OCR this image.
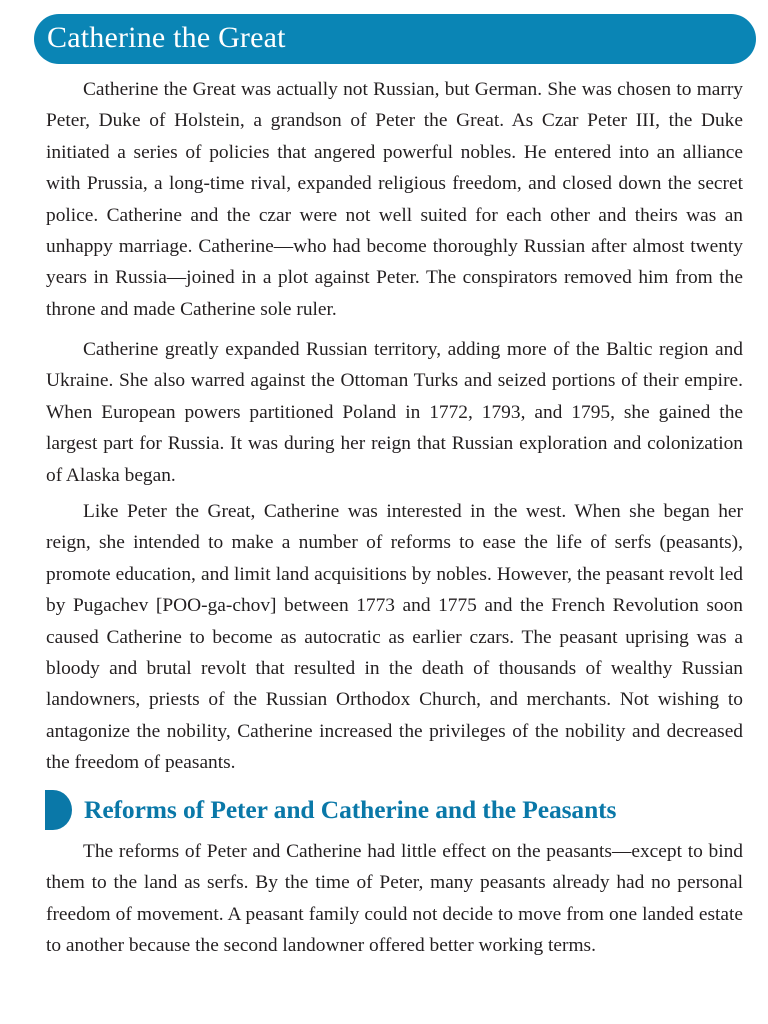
Catherine the Great

Catherine the Great was actually not Russian, but German. She was chosen to marry Peter, Duke of Holstein, a grandson of Peter the Great. As Czar Peter III, the Duke initiated a series of policies that angered powerful nobles. He entered into an alliance with Prussia, a long-time rival, expanded religious freedom, and closed down the secret police. Catherine and the czar were not well suited for each other and theirs was an unhappy marriage. Catherine—who had become thoroughly Russian after almost twenty years in Russia—joined in a plot against Peter. The conspirators removed him from the throne and made Catherine sole ruler.

Catherine greatly expanded Russian territory, adding more of the Baltic region and Ukraine. She also warred against the Ottoman Turks and seized portions of their empire. When European powers partitioned Poland in 1772, 1793, and 1795, she gained the largest part for Russia. It was during her reign that Russian exploration and colonization of Alaska began.

Like Peter the Great, Catherine was interested in the west. When she began her reign, she intended to make a number of reforms to ease the life of serfs (peasants), promote education, and limit land acquisitions by nobles. However, the peasant revolt led by Pugachev [POO-ga-chov] between 1773 and 1775 and the French Revolution soon caused Catherine to become as autocratic as earlier czars. The peasant uprising was a bloody and brutal revolt that resulted in the death of thousands of wealthy Russian landowners, priests of the Russian Orthodox Church, and merchants. Not wishing to antagonize the nobility, Catherine increased the privileges of the nobility and decreased the freedom of peasants.

Reforms of Peter and Catherine and the Peasants

The reforms of Peter and Catherine had little effect on the peasants—except to bind them to the land as serfs. By the time of Peter, many peasants already had no personal freedom of movement. A peasant family could not decide to move from one landed estate to another because the second landowner offered better working terms.
